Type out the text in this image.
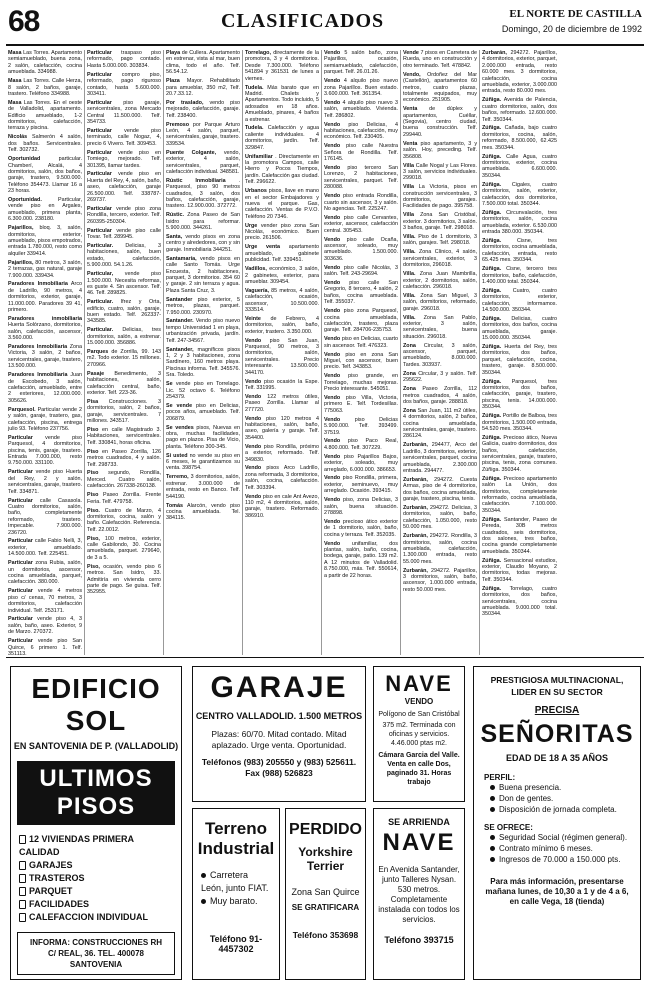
68	CLASIFICADOS	EL NORTE DE CASTILLA
Domingo, 20 de diciembre de 1992

Masa Las Torres. Apartamento semiamueblado, buena zona, 2 salón, calefacción, cocina amueblada. 334988.

Masa Las Torres. Calle Herza, 8 salón, 2 baños, garaje, trastero. Teléfono 334988.

Masa Las Torres. En el oeste de Valladolid, apartamento. Edificio amueblado, 1-2 dormitorios, calefacción, terraza y piscina.

Nicolás Salmerón 4 salón, dos baños. Servicentrales. Telf. 302732.

Oportunidad	particular. Chamberí, Alcalá, 4 dormitorios, salón, dos baños, garaje, trastero, 9.500.000. Teléfono 354473. Llamar 16 a 23 horas.

Oportunidad.	Particular, vende piso en Argales, amueblado, primera planta, 6.300.000. 238180.

Pajarillos, bloq. 3, salón, dormitorios, exterior, amueblado, pisos empotrados, entrada 1.780.000, resto como alquiler 339414.

Pajarillos, 80 metros, 3 salón, 2 terrazas, gas natural, garaje 7.900.000. 339434.

Paradores Inmobiliaria Arco de Ladrillo, 90 metros, 4 dormitorios, exterior, garaje, 11.000.000. Paradores 39 41, primero.

Paradores inmobiliaria Huerta Solórzano, dormitorios, salón, calefacción, ascensor, 3.560.000.

Paradores Inmobiliaria Zona Victoria, 3 salón, 2 baños, servicentrales, garaje, trastero, 13.500.000.

Paradores Inmobiliaria Juan de Escobedo, 3 salón, calefacción, amueblado, entre 2 exteriores, 12.000.000. 305626.

Parquesol. Particular vende 2 y salón, garaje, trastero, gas, calefacción, piscina, entrega julio 93. Teléfono 237756.

Particular vende piso Parquesol, 4 dormitorios, piscina, tenis, garaje, trastero. Entrada 7.000.000, resto 9.750.000. 331100.

Particular vende piso Huerta del Rey, 2 y salón, servicentrales, garaje, trastero. Telf. 334871.

Particular calle Casasola. Cuatro dormitorios, salón, baño, completamente reformado, trastero. Impecable. 7.900.000. 236720.

Particular calle Fabio Nelli, 3, exterior, amueblado. 14.500.000. Telf. 225451.

Particular zona Rubia, salón, un dormitorios, ascensor, cocina amueblada, parquet, calefacción. 380.000.

Particular vende 4 metros piso c/ cenas, 70 metros, 3 dormitorios, calefacción individual. Telf. 253171.

Particular vende piso 4, 3 salón, baño, aseo. Exterior, 9 de Marzo. 270372.

Particular vende piso San Quirce, 6 primero 1. Telf. 351113.

Particular traspaso piso reformado, pago contado. Hasta 5.000.000. 303834.

Particular compro piso, reformado, pago riguroso contado, hasta 5.600.000. 303411.

Particular piso garaje, servicentrales, zona Mercado Central 11.500.000. Telf. 354733.

Particular vende piso terminado, calle Nogaz, 4, precio 6 Vivero. Telf. 309453.

Particular vende piso en Tomiego, mejorado. Telf. 301395, llamar tardes.

Particular vende piso en Huerta del Rey, 4, salón, baño, aseo, calefacción, garaje 26.500.000. Telf. 338787-269737.

Particular vende piso zona Rondilla, tercero, exterior. Telf. 260395-250304.

Particular vende piso calle Tovar. Telf. 289945.

Particular. Delicias, 3 habitaciones, salón, buen estado, calefacción, 5.900.000. 54.1.26.

Particular, vende piso 1.500.000. Necesita reformas, es guste 4. Sin ascensor. Telf. 46. Telf. 289825.

Particular. Ifrez y Orta, edificio, cuatro, salón, garaje, buen estado. Telf. 262337-343585.

Particular. Delicias, tres dormitorios, salón, a estrenar. 15.000.000. 356886.

Parques de Zorrilla, 99. 143 m2. Todo exterior. 15 millones. 270966.

Pasaje Benedimento, 3 habitaciones, salón, calefacción central, baño, exterior. Telf. 223-36.

Pisa Construcciones. 3 dormitorios, salón, 2 baños, garaje, servicentrales. 7 millones. 343517.

Piso en calle Magistrado 3. Habitaciones, servicentrales. Telf. 330841, horas oficina.

Piso en Paseo Zorrilla, 126 metros cuadrados, 4 y salón. Telf. 298733.

Piso segundo, Rondilla, Merced. Cuatro salón, calefacción. 267338-260138.

Piso Paseo Zorrilla. Frente Feria. Telf. 479758.

Piso. Cuatro de Marzo, 4 dormitorios, cocina, salón y baño. Calefacción. Referencia. Telf. 22.0012.

Piso, 100 metros, exterior, calle Gabilondo, 30. Cocina amueblada, parquet. 279640, de 3 a 5.

Piso, ocasión, vendo piso 6 metros. San Isidro, 33. Admitiría en vivienda cerro parte de pago. Se guisa. Telf. 352955.

Playa de Cullera. Apartamento en estrenar, vista al mar, buen clima, todo el año. Telf. 56.54.12.

Plaza Mayor. Rehabilitado para amueblar, 350 m2, Telf. 20.7.33.12.

Por traslado, vendo piso mejorado, calefacción, garaje. Telf. 238400.

Premoso por Parque Arturo León, 4 salón, parquet, servicentrales, garaje, trastero. 339534.

Puente Colgante, vendo, exterior, 4 salón, servicentrales, parquet, calefacción individual. 348581.

Rústic Inmobiliaria . Parquesol, piso 90 metros cuadrados, 3 salón, dos baños, calefacción, garaje, trastero. 12.900.000. 372772.

Rústic. Zona Paseo de San Isidro para reformar. 5.900.000. 344261.

Santa, vendo pisos en zona centro y alrededores, con y sin garaje. Inmobiliaria 344251.

Santamaría, vendo pisos en calle Santo Tomás. Urge Encuesta, 2 habitaciones, parquet, 3 dormitorios. 354 60 y garaje. 2 sin terraza y agua. Plaza Santa Cruz, 3.

Santander piso exterior, 5 metros, plazas, parquet. 7.950.000. 230970.

Santander. Vendo piso nuevo tempo Universidad 1 en playa, urbanización privada, jardín. Telf. 247-34567.

Santander, magníficos pisos 1, 2 y 3 habitaciones, zona Sardinero, 160 metros playa. Piscinas informa. Telf. 345576. Sra. Toledo.

Se vende piso en Torrelago. Lic. 52 octavo 6. Teléfono 254379.

Se vende piso en Delicias, pocos años, amueblado. Telf. 206879.

Se vendes pisos, Nuevas en obra, muchas facilidades, pago en plazos. Pisa de Vicio, planta. Teléfono 300-345.

Si usted no vende su piso en 6 meses, le garantizamos su venta. 398754.

Terremo, 3 dormitorios, salón, estrenar. 3.000.000 de entrada, resto en Banco. Telf. 544190.

Tomás Alarcón, vendo piso cocina amueblada. Tel. 384115.

Torrelago, directamente de la promotora, 3 y 4 dormitorios. Desde 7.300.000. Teléfono 541894 y 361531 de lunes a viernes.

Tudela. Más barato que en Madrid. Chalets y Apartamentos. Todo incluido, 5 adosados en 18 años. Amueblado, pinares, 4 baños a estrenar.

Tudela. Calefacción y agua caliente individuales. 4 dormitorios, jardín. Telf. 329847.

Unifamiliar . Directamente en la promotora Campos, calle Hierro y Pocos Tiempos, jardín. Calefacción gas ciudad. Telf. 296622.

Urbanos pisos, llave en mano en el sector Embajadores y nueva el parque. Gas, calefacción. Ventas de P.V.O. Teléfono 20 7346.

Urge vender piso zona San Nicolás, económico. Buen precio. 261506.

Urge venta apartamento amueblado, gabinete publicidad. Telf. 339451.

Vadillos, económico, 3 salón, 2 gabinetes, exterior, para amueblar. 309454.

Vaguería, 85 metros, 4 salón, calefacción, ocasión, ascensor, 10.500.000. 333514.

Veinte de Febrero, 4 dormitorios, salón, baño, exterior, trastero. 3.350.000.

Vendo piso San Juan, Parquesol, 90 metros, 3 dormitorios, salón, servicentrales. Precio interesante. 13.500.000. 344170.

Vendo piso ocasión la Espe. Telf. 331995.

Vendo 122 metros útiles, Paseo Zorrilla. Llamar al 277720.

Vendo piso 120 metros 4 habitaciones, salón, baño, aseo, galería y garaje. Telf. 354400.

Vendo piso Rondilla, próximo a exterior, reformado. Telf. 349830.

Vendo pisos Arco Ladrillo, zona reformada, 3 dormitorios, salón, cocina, calefacción. Telf. 303394.

Vendo piso en cale Ant Avezo, 110 m2, 4 dormitorios, salón, garaje, trastero. Reformado. 386910.

Vendo 5 salón baño, zona Pajarillos, ocasión, semiamueblado, calefacción, parquet. Telf. 26.01.26.

Vendo 4 alquilo piso nuevo zona Pajarillos. Buen estado. 3.600.000. Telf. 361354.

Vendo 4 alquilo piso nuevo 3 salón, amueblado. Vivienda. Telf. 286802.

Vendo piso Delicias, 4 habitaciones, calefacción, muy económico. Telf. 230405.

Vendo piso calle Nuestra Señora de Rondilla. Telf. 176145.

Vendo piso tercero San Lorenzo, 2 habitaciones, servicentrales, parquet. Telf. 280088.

Vendo piso entrada Rondilla, cuarto sin ascensor, 3 y salón. No agencias. Telf. 225247.

Vendo piso calle Cervantes, exterior, ascensor, calefacción central. 305453.

Vendo piso calle Ocaña, ascensor, soleado, muy amueblado. 1.500.000. 303636.

Vendo piso calle Nicolás, 3 salón. Telf. 243-29694.

Vendo piso calle San Gregorio, 8 tercero, 4 salón, 2 baños, cocina amueblada. Telf. 355037.

Vendo piso zona Parquesol, cocina amueblada, calefacción, trastero, plaza garaje. Telf. 284706-235753.

Vendo piso en Delicias, cuarto sin ascensor. Telf. 476323.

Vendo piso en zona San Miguel, con ascensor, buen precio. Telf. 343853.

Vendo piso grande, en Torrelago, muchas mejoras. Precio interesante. 545051.

Vendo piso Villa, Victoria, primero E. Telf. Tordesillas. 775063.

Vendo	piso Delicias 5.900.000. Telf. 393499. 37519.

Vendo piso Paco Real, 4.800.000. Telf. 307229.

Vendo piso Pajarillos Bajos, exterior, soleado, muy arreglado, 6.000.000. 386653.

Vendo piso Rondilla, primera, exterior, seminuevo, muy arreglado. Ocasión. 393415.

Vendo piso, zona Delicias, 3 salón, buena situación. 278898.

Vendo precioso ático exterior de 1 dormitorio, salón, baño, cocina y terraza. Telf. 352035.

Vendo unifamiliar, dos plantas, salón, baño, cocina, bodega, garaje, patio. 139 m2. A 12 minutos de Valladolid. 8.750.000, más. Telf. 550614, a partir de 22 horas.

Vende 7 pisos en Carretera de Rueda, uno en construcción y otro terminado. Telf. 478842.

Vendo, Ordoñez del Mar (Castellón), apartamentos 60 metros, cuatro plazas, totalmente equipados, muy económico. 251905.

Venta de dúplex y apartamentos, Cuéllar, (Segovia), centro ciudad, buena construcción. Telf. 299440.

Venta piso apartamento, 3 y salón. Hoy, preceding. Telf. 356808.

Villa Calle Nogal y Las Flores. 3 salón, servicios individuales. 299018.

Villa La Victoria, pisos en construcción servicentrales, 3 dormitorios, garajes. Facilidades de pago. 395758.

Villa Zona San Cristóbal, exterior. 3 dormitorios, 3 salón. 3 baños, garaje. Telf. 298018.

Villa. Piso de 1 dormitorio, 3 salón, garajes. Telf. 298018.

Villa. Zona Clínico, 4 salón, servicentrales, exterior, 3 dormitorios, 296018.

Villa. Zona Juan Mambrilla, exterior, 2 dormitorios, salón, calefacción. 296018.

Villa. Zona San Miguel, 3 salón, dormitorios, reformado, garaje. 296018.

Villa. Zona San Pablo, exterior, 3 salón, servicentrales, buena situación. 296018.

Zona Circular, 3 salón, ascensor, parquet, amueblado, 8.000.000. Tardes. 303937.

Zona Circular, 3 y salón. Telf. 295622.

Zona Paseo Zorrilla, 112 metros cuadrados, 4 salón, dos baños, garaje. 288818.

Zona San Juan, 111 m2 útiles, 4 dormitorios, salón, 2 baños, cocina amueblada, servicentrales, garaje, trastero. 286124.

Zurbarán, 294477, Arco del Ladrillo, 3 dormitorios, exterior, servicentrales, parquet, cocina amueblada, 2.300.000 entrada. 294477.

Zurbarán, 294272. Cuesta Armas, piso de 4 dormitorios, dos baños, cocina amueblada, garaje, trastero, piscina, tenis.

Zurbarán, 294272. Delicias, 3 dormitorios, salón, baño, calefacción, 1.050.000, resto 50.000 mes.

Zurbarán, 294272. Rondilla, 3 dormitorios, salón, cocina amueblada, calefacción, 1.300.000 entrada, resto 55.000 mes.

Zurbarán, 294272. Pajarillos, 3 dormitorios, salón, baño, ascensor, 1.000.000 entrada, resto 50.000 mes.

Zurbarán, 294272. Pajarillos, 4 dormitorios, exterior, parquet, 2.000.000 entrada, resto 60.000 mes. 3 dormitorios, calefacción, cocina amueblada, exterior, 3.000.000 entrada, resto 80.000 mes.

Zúñiga. Avenida de Palencia, cuatro dormitorios, salón, dos baños, reformado. 12.600.000. Telf. 350344.

Zúñiga. Cañada, bajo cuatro dormitorios, cocina, salón, reformado, 8.500.000, 62.425 mes. 350344.

Zúñiga. Calle Agua, cuatro dormitorios, exterior, cocina amueblada. 6.600.000. 350344.

Zúñiga. Cigales, cuatro dormitorios, salón, exterior, calefacción, dos dormitorios, 7.500.000 total. 350344.

Zúñiga. Circunvalación, tres dormitorios, salón, cocina amueblada, exterior. 6.530.000 entrada 380.000. 350344.

Zúñiga.	Cisne, tres dormitorios, cocina amueblada, calefacción, entrada, resto 65.425 mes. 350344.

Zúñiga. Cisne, tercero tres dormitorios, baño, calefacción, 1.400.000 total. 350344.

Zúñiga. Cuatro, cuatro dormitorios, exterior, calefacción, informamos. 14.500.000. 350344.

Zúñiga. Delicias, cuatro dormitorios, dos baños, cocina amueblada, garaje. 15.000.000. 350344.

Zúñiga. Huerta del Rey, tres dormitorios, dos baños, parquet, calefacción, cocina, trastero, garaje. 8.500.000. 350344.

Zúñiga. Parquesol, tres dormitorios, dos baños, calefacción, garaje, trastero, piscina, tenis. 14.000.000. 350344.

Zúñiga. Portillo de Balboa, tres dormitorios, 1.500.000 entrada, 54.520 mes. 350344.

Zúñiga. Precioso ático, Nueva Galicia, cuatro dormitorios, dos baños, calefacción, servicentrales, garaje, trastero, piscina, tenis, zona comunes. Zúñiga. 350344.

Zúñiga. Precioso apartamento salón La Unión, dos dormitorios, completamente reformado, cocina amueblada, calefacción. 7.100.000. 350344.

Zúñiga. Santander, Paseo de Pereda, 30B metros cuadrados, seis dormitorios, dos salones, tres baños, cocina grande completamente amueblada. 350344.

Zúñiga. Sensacional estudios, exterior, Claudio Moyano, 2 dormitorios, todas mejoras. Telf. 350344.

Zúñiga. Torrelago, cuatro dormitorios, dos baños, servicentrales, cocina amueblada. 9.000.000 total. 350344.

EDIFICIO SOL
EN SANTOVENIA DE P. (VALLADOLID)
ULTIMOS PISOS
12 VIVIENDAS PRIMERA CALIDAD
GARAJES
TRASTEROS
PARQUET
FACILIDADES
CALEFACCION INDIVIDUAL
INFORMA: CONSTRUCCIONES RH
C/ REAL, 36. TEL. 400078
SANTOVENIA
GARAJE
CENTRO VALLADOLID. 1.500 METROS
Plazas: 60/70. Mitad contado. Mitad aplazado. Urge venta. Oportunidad.
Teléfonos (983) 205550 y (983) 525611. Fax (988) 526823
Terreno Industrial
Carretera León, junto FIAT.
Muy barato.
Teléfono 91-4457302
PERDIDO
Yorkshire Terrier
Zona San Quirce
SE GRATIFICARA
Teléfono 353698
NAVE
VENDO
Polígono de San Cristóbal
375 m2. Terminada con oficinas y servicios. 4.46.000 ptas m2.
Cámara Garcia del Valle. Venta en calle Dos, paginado 31. Horas trabajo
SE ARRIENDA
NAVE
En Avenida Santander, junto Talleres Nysan. 530 metros. Completamente instalada con todos los servicios.
Teléfono 393715
PRESTIGIOSA MULTINACIONAL,
LIDER EN SU SECTOR
PRECISA
SEÑORITAS
EDAD DE 18 A 35 AÑOS
PERFIL:
Buena presencia.
Don de gentes.
Disposición de jornada completa.
SE OFRECE:
Seguridad Social (régimen general).
Contrato mínimo 6 meses.
Ingresos de 70.000 a 150.000 pts.
Para más información, presentarse mañana lunes, de 10,30 a 1 y de 4 a 6, en calle Vega, 18 (tienda)
